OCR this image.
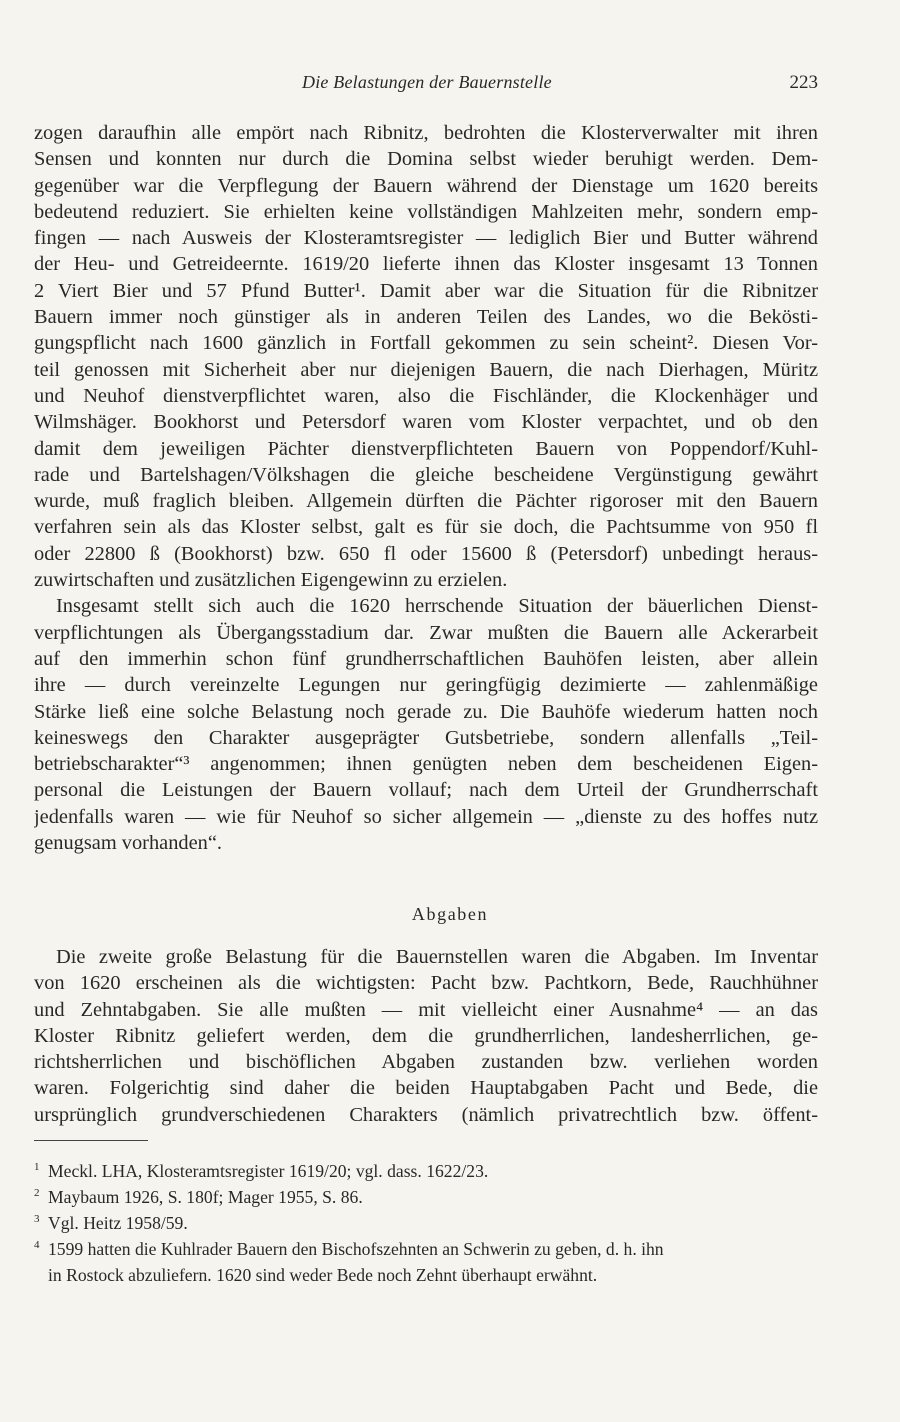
Die Belastungen der Bauernstelle	223
zogen daraufhin alle empört nach Ribnitz, bedrohten die Klosterverwalter mit ihren
Sensen und konnten nur durch die Domina selbst wieder beruhigt werden. Dem-
gegenüber war die Verpflegung der Bauern während der Dienstage um 1620 bereits
bedeutend reduziert. Sie erhielten keine vollständigen Mahlzeiten mehr, sondern emp-
fingen — nach Ausweis der Klosteramtsregister — lediglich Bier und Butter während
der Heu- und Getreideernte. 1619/20 lieferte ihnen das Kloster insgesamt 13 Tonnen
2 Viert Bier und 57 Pfund Butter¹. Damit aber war die Situation für die Ribnitzer
Bauern immer noch günstiger als in anderen Teilen des Landes, wo die Beköstі-
gungspflicht nach 1600 gänzlich in Fortfall gekommen zu sein scheint². Diesen Vor-
teil genossen mit Sicherheit aber nur diejenigen Bauern, die nach Dierhagen, Müritz
und Neuhof dienstverpflichtet waren, also die Fischländer, die Klockenhäger und
Wilmshäger. Bookhorst und Petersdorf waren vom Kloster verpachtet, und ob den
damit dem jeweiligen Pächter dienstverpflichteten Bauern von Poppendorf/Kuhl-
rade und Bartelshagen/Völkshagen die gleiche bescheidene Vergünstigung gewährt
wurde, muß fraglich bleiben. Allgemein dürften die Pächter rigoroser mit den Bauern
verfahren sein als das Kloster selbst, galt es für sie doch, die Pachtsumme von 950 fl
oder 22800 ß (Bookhorst) bzw. 650 fl oder 15600 ß (Petersdorf) unbedingt heraus-
zuwirtschaften und zusätzlichen Eigengewinn zu erzielen.
Insgesamt stellt sich auch die 1620 herrschende Situation der bäuerlichen Dienst-
verpflichtungen als Übergangsstadium dar. Zwar mußten die Bauern alle Ackerarbeit
auf den immerhin schon fünf grundherrschaftlichen Bauhöfen leisten, aber allein
ihre — durch vereinzelte Legungen nur geringfügig dezimierte — zahlenmäßige
Stärke ließ eine solche Belastung noch gerade zu. Die Bauhöfe wiederum hatten noch
keineswegs den Charakter ausgeprägter Gutsbetriebe, sondern allenfalls „Teil-
betriebscharakter“³ angenommen; ihnen genügten neben dem bescheidenen Eigen-
personal die Leistungen der Bauern vollauf; nach dem Urteil der Grundherrschaft
jedenfalls waren — wie für Neuhof so sicher allgemein — „dienste zu des hoffes nutz
genugsam vorhanden“.
Abgaben
Die zweite große Belastung für die Bauernstellen waren die Abgaben. Im Inventar
von 1620 erscheinen als die wichtigsten: Pacht bzw. Pachtkorn, Bede, Rauchhühner
und Zehntabgaben. Sie alle mußten — mit vielleicht einer Ausnahme⁴ — an das
Kloster Ribnitz geliefert werden, dem die grundherrlichen, landesherrlichen, ge-
richtsherrlichen und bischöflichen Abgaben zustanden bzw. verliehen worden
waren. Folgerichtig sind daher die beiden Hauptabgaben Pacht und Bede, die
ursprünglich grundverschiedenen Charakters (nämlich privatrechtlich bzw. öffent-
1 Meckl. LHA, Klosteramtsregister 1619/20; vgl. dass. 1622/23.
2 Maybaum 1926, S. 180f; Mager 1955, S. 86.
3 Vgl. Heitz 1958/59.
4 1599 hatten die Kuhlrader Bauern den Bischofszehnten an Schwerin zu geben, d. h. ihn
in Rostock abzuliefern. 1620 sind weder Bede noch Zehnt überhaupt erwähnt.
